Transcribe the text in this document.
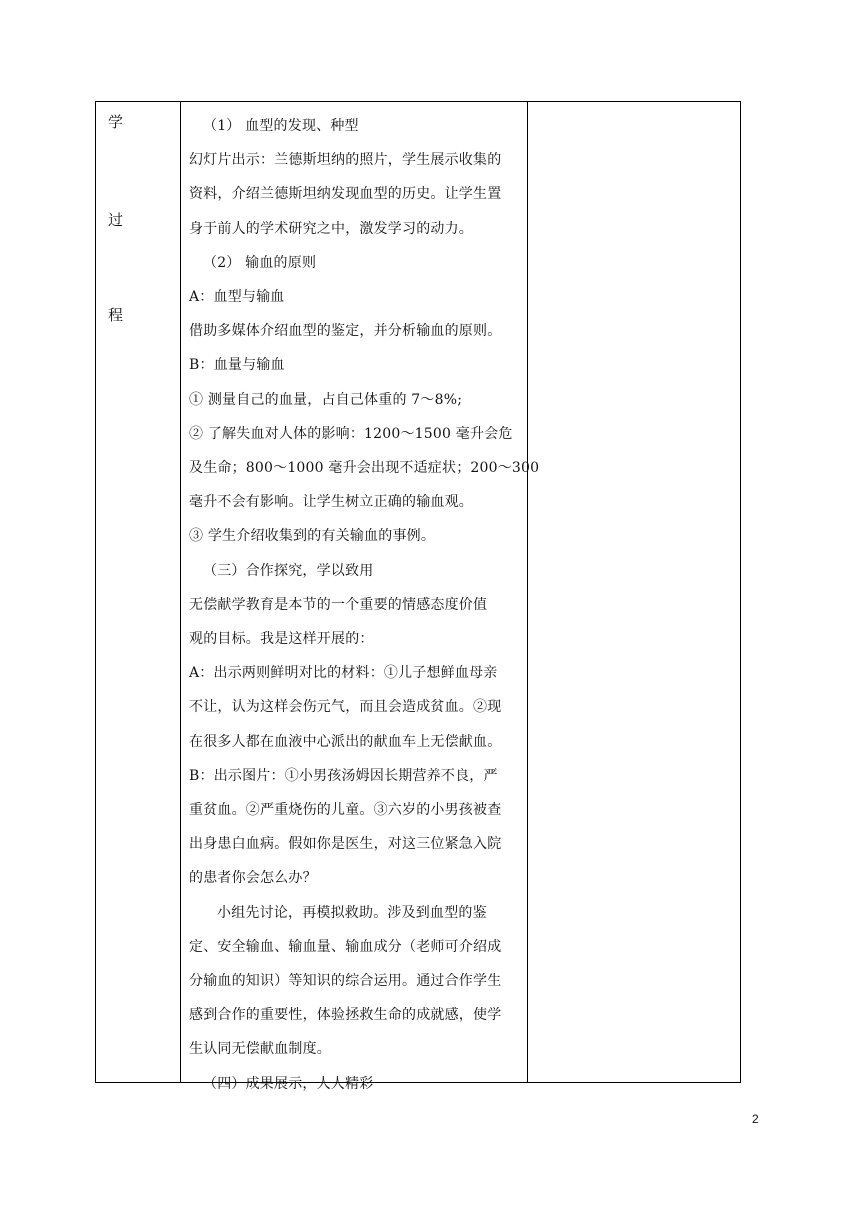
学
过
程
（1） 血型的发现、种型
幻灯片出示：兰德斯坦纳的照片，学生展示收集的
资料，介绍兰德斯坦纳发现血型的历史。让学生置
身于前人的学术研究之中，激发学习的动力。
（2） 输血的原则
A：血型与输血
借助多媒体介绍血型的鉴定，并分析输血的原则。
B：血量与输血
① 测量自己的血量，占自己体重的 7～8%;
② 了解失血对人体的影响：1200～1500 毫升会危
及生命；800～1000 毫升会出现不适症状；200～300
毫升不会有影响。让学生树立正确的输血观。
③ 学生介绍收集到的有关输血的事例。
（三）合作探究，学以致用
无偿献学教育是本节的一个重要的情感态度价值
观的目标。我是这样开展的：
A：出示两则鲜明对比的材料：①儿子想鲜血母亲
不让，认为这样会伤元气，而且会造成贫血。②现
在很多人都在血液中心派出的献血车上无偿献血。
B：出示图片：①小男孩汤姆因长期营养不良，严
重贫血。②严重烧伤的儿童。③六岁的小男孩被查
出身患白血病。假如你是医生，对这三位紧急入院
的患者你会怎么办？
小组先讨论，再模拟救助。涉及到血型的鉴
定、安全输血、输血量、输血成分（老师可介绍成
分输血的知识）等知识的综合运用。通过合作学生
感到合作的重要性，体验拯救生命的成就感，使学
生认同无偿献血制度。
（四）成果展示，人人精彩
2
